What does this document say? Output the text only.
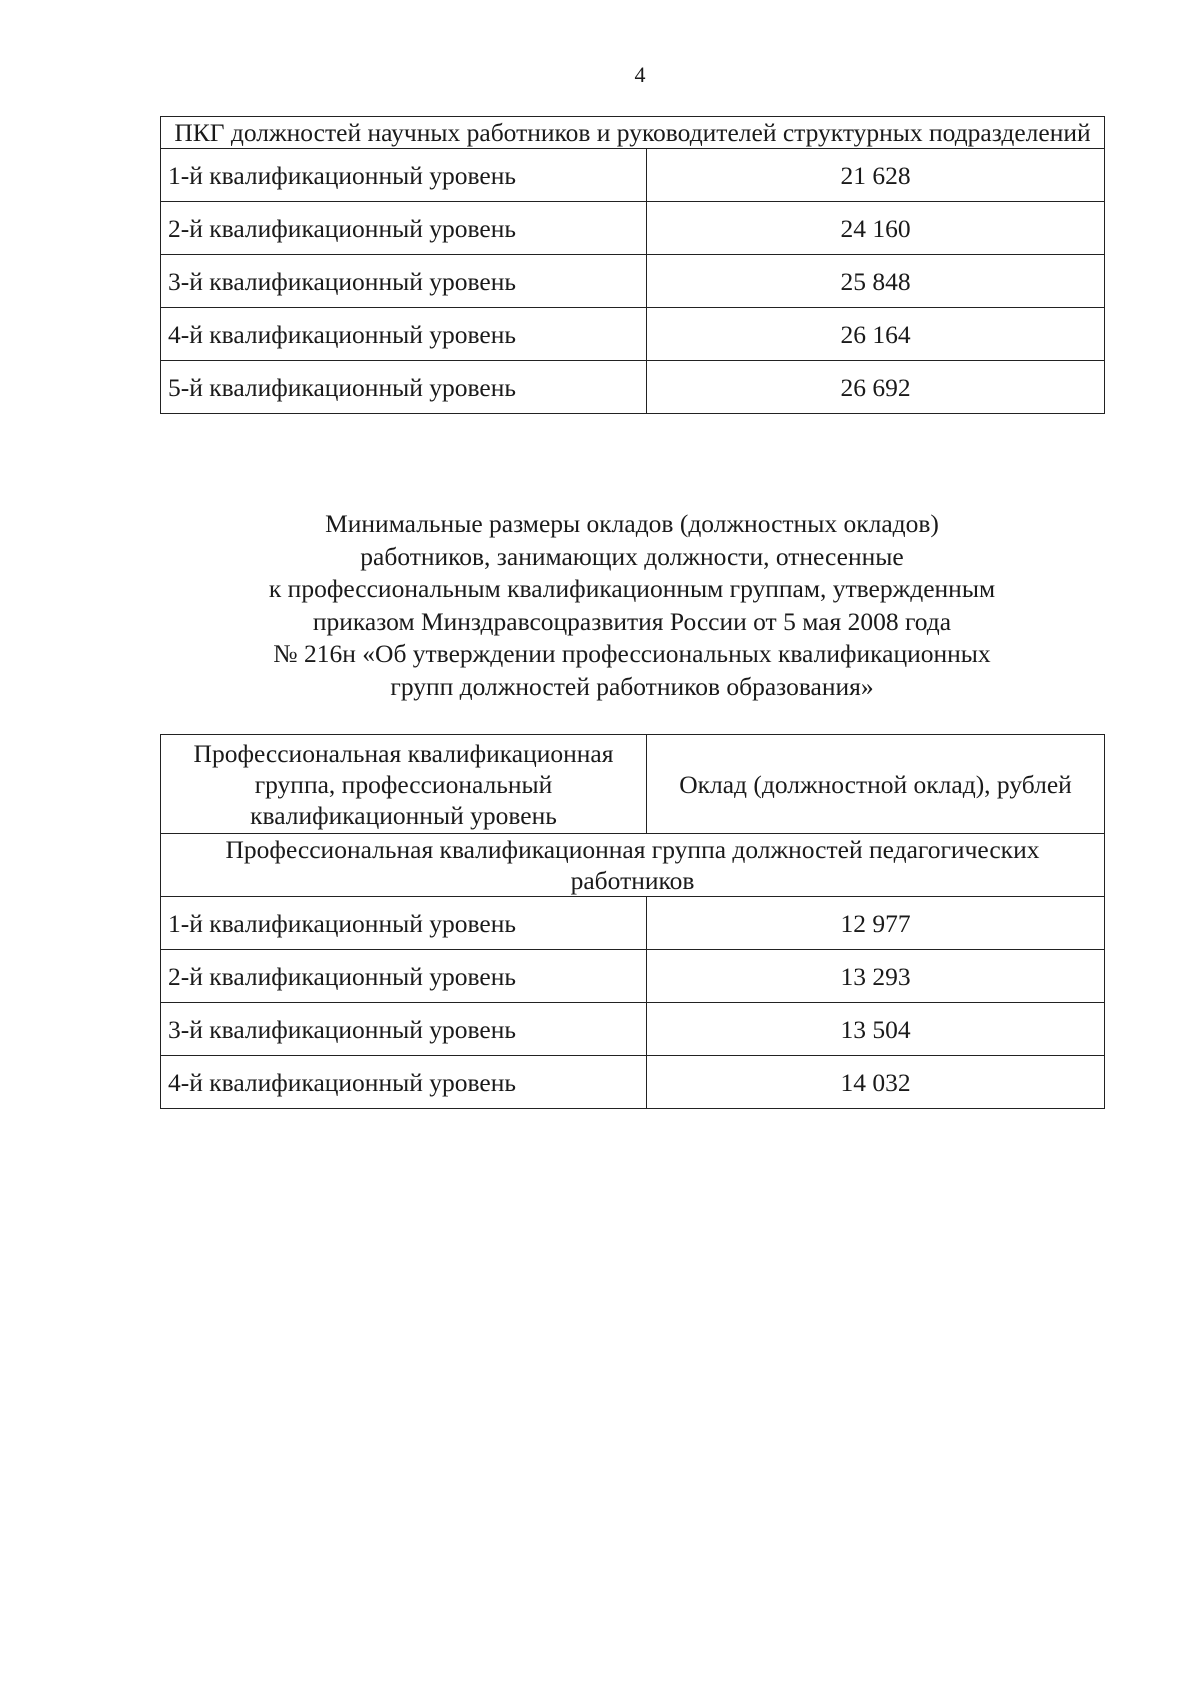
4
ПКГ должностей научных работников и руководителей структурных подразделений	
1-й квалификационный уровень	21 628
2-й квалификационный уровень	24 160
3-й квалификационный уровень	25 848
4-й квалификационный уровень	26 164
5-й квалификационный уровень	26 692
Минимальные размеры окладов (должностных окладов)
работников, занимающих должности, отнесенные
к профессиональным квалификационным группам, утвержденным
приказом Минздравсоцразвития России от 5 мая 2008 года
№ 216н «Об утверждении профессиональных квалификационных
групп должностей работников образования»
Профессиональная квалификационная группа, профессиональный квалификационный уровень	Оклад (должностной оклад), рублей
Профессиональная квалификационная группа должностей педагогических работников	
1-й квалификационный уровень	12 977
2-й квалификационный уровень	13 293
3-й квалификационный уровень	13 504
4-й квалификационный уровень	14 032
